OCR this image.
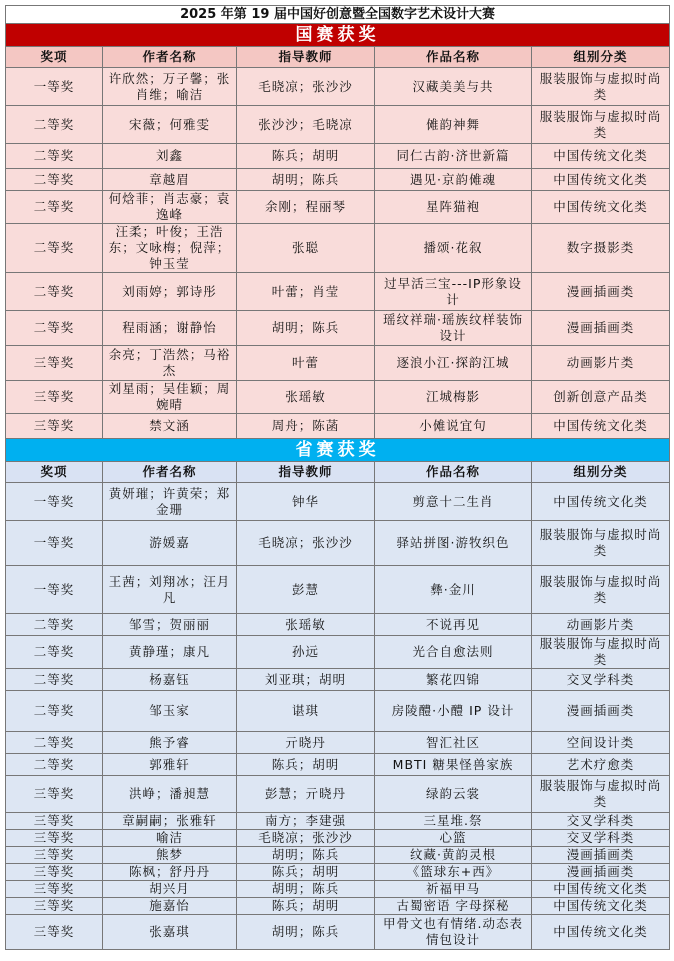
2025 年第 19 届中国好创意暨全国数字艺术设计大赛				
国赛获奖				
奖项	作者名称	指导教师	作品名称	组别分类
一等奖	许欣然；万子馨；张肖维；喻洁	毛晓凉；张沙沙	汉藏美美与共	服装服饰与虚拟时尚类
二等奖	宋薇；何雅雯	张沙沙；毛晓凉	傩韵神舞	服装服饰与虚拟时尚类
二等奖	刘鑫	陈兵；胡明	同仁古韵·济世新篇	中国传统文化类
二等奖	章越眉	胡明；陈兵	遇见·京韵傩魂	中国传统文化类
二等奖	何焓菲；肖志豪；袁逸峰	余刚；程丽琴	星阵猫袍	中国传统文化类
二等奖	汪柔；叶俊；王浩东；文咏梅；倪萍；钟玉莹	张聪	播颂·花叙	数字摄影类
二等奖	刘雨婷；郭诗彤	叶蕾；肖莹	过早活三宝---IP形象设计	漫画插画类
二等奖	程雨涵；谢静怡	胡明；陈兵	瑶纹祥瑞·瑶族纹样装饰设计	漫画插画类
三等奖	余亮；丁浩然；马裕杰	叶蕾	逐浪小江·探韵江城	动画影片类
三等奖	刘星雨；吴佳颖；周婉晴	张瑶敏	江城梅影	创新创意产品类
三等奖	禁文涵	周舟；陈菡	小傩说宜句	中国传统文化类
省赛获奖				
奖项	作者名称	指导教师	作品名称	组别分类
一等奖	黄妍璀；许黄荣；郑金珊	钟华	剪意十二生肖	中国传统文化类
一等奖	游媛嘉	毛晓凉；张沙沙	驿站拼图·游牧织色	服装服饰与虚拟时尚类
一等奖	王茜；刘翔冰；汪月凡	彭慧	彝·金川	服装服饰与虚拟时尚类
二等奖	邹雪；贺丽丽	张瑶敏	不说再见	动画影片类
二等奖	黄静瑾；康凡	孙远	光合自愈法则	服装服饰与虚拟时尚类
二等奖	杨嘉钰	刘亚琪；胡明	繁花四锦	交叉学科类
二等奖	邹玉家	谌琪	房陵醴·小醴 IP 设计	漫画插画类
二等奖	熊予睿	亓晓丹	智汇社区	空间设计类
二等奖	郭雅轩	陈兵；胡明	MBTI 糖果怪兽家族	艺术疗愈类
三等奖	洪峥；潘昶慧	彭慧；亓晓丹	绿韵云裳	服装服饰与虚拟时尚类
三等奖	章嗣嗣；张雅轩	南方；李建强	三星堆.祭	交叉学科类
三等奖	喻洁	毛晓凉；张沙沙	心篮	交叉学科类
三等奖	熊梦	胡明；陈兵	纹藏·黄韵灵根	漫画插画类
三等奖	陈枫；舒丹丹	陈兵；胡明	《篮球东+西》	漫画插画类
三等奖	胡兴月	胡明；陈兵	祈福甲马	中国传统文化类
三等奖	施嘉怡	陈兵；胡明	古蜀密语 字母探秘	中国传统文化类
三等奖	张嘉琪	胡明；陈兵	甲骨文也有情绪.动态表情包设计	中国传统文化类
